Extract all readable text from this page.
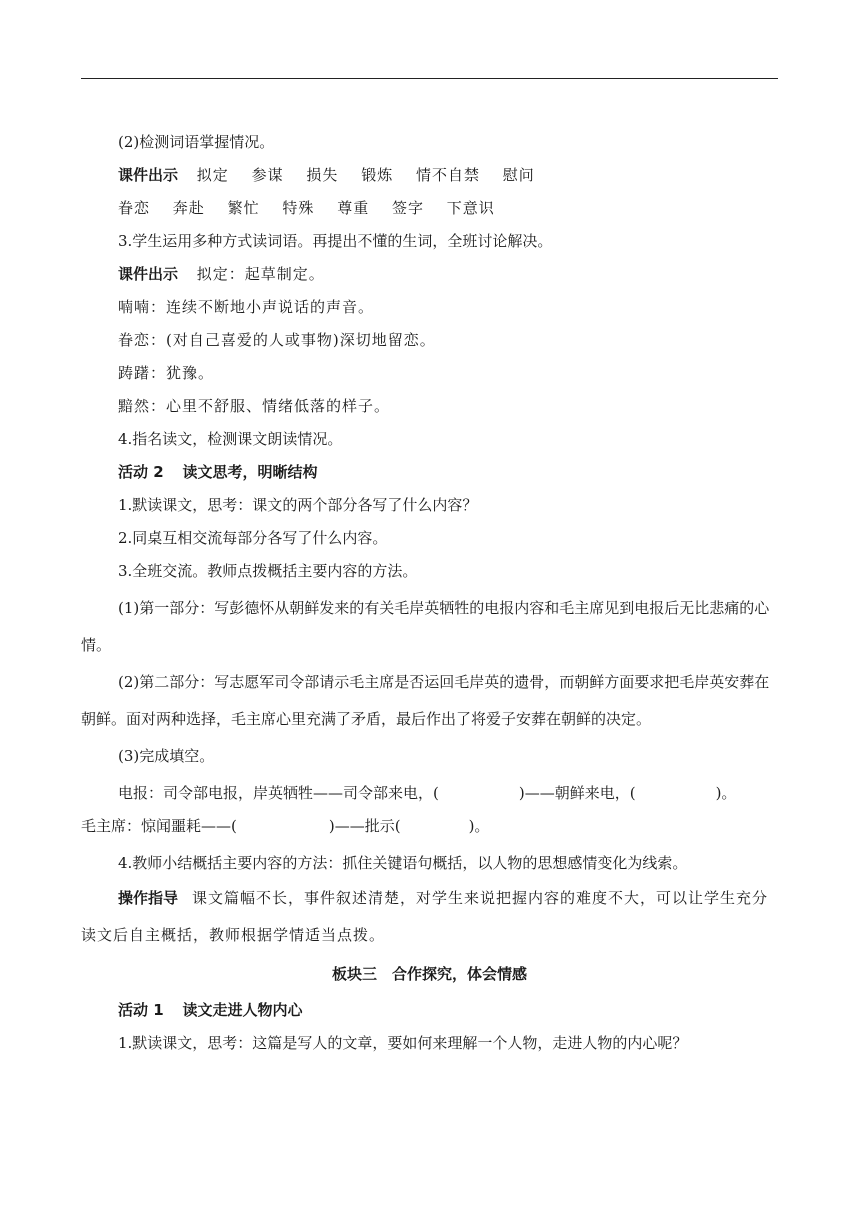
(2)检测词语掌握情况。
课件出示 拟定 参谋 损失 锻炼 情不自禁 慰问
眷恋 奔赴 繁忙 特殊 尊重 签字 下意识
3.学生运用多种方式读词语。再提出不懂的生词，全班讨论解决。
课件出示 拟定：起草制定。
喃喃：连续不断地小声说话的声音。
眷恋：(对自己喜爱的人或事物)深切地留恋。
踌躇：犹豫。
黯然：心里不舒服、情绪低落的样子。
4.指名读文，检测课文朗读情况。
活动 2 读文思考，明晰结构
1.默读课文，思考：课文的两个部分各写了什么内容？
2.同桌互相交流每部分各写了什么内容。
3.全班交流。教师点拨概括主要内容的方法。
(1)第一部分：写彭德怀从朝鲜发来的有关毛岸英牺牲的电报内容和毛主席见到电报后无比悲痛的心情。
(2)第二部分：写志愿军司令部请示毛主席是否运回毛岸英的遗骨，而朝鲜方面要求把毛岸英安葬在朝鲜。面对两种选择，毛主席心里充满了矛盾，最后作出了将爱子安葬在朝鲜的决定。
(3)完成填空。
电报：司令部电报，岸英牺牲——司令部来电，(	)——朝鲜来电，(	)。
毛主席：惊闻噩耗——(	)——批示(	)。
4.教师小结概括主要内容的方法：抓住关键语句概括，以人物的思想感情变化为线索。
操作指导 课文篇幅不长，事件叙述清楚，对学生来说把握内容的难度不大，可以让学生充分读文后自主概括，教师根据学情适当点拨。
板块三　合作探究，体会情感
活动 1 读文走进人物内心
1.默读课文，思考：这篇是写人的文章，要如何来理解一个人物，走进人物的内心呢？
